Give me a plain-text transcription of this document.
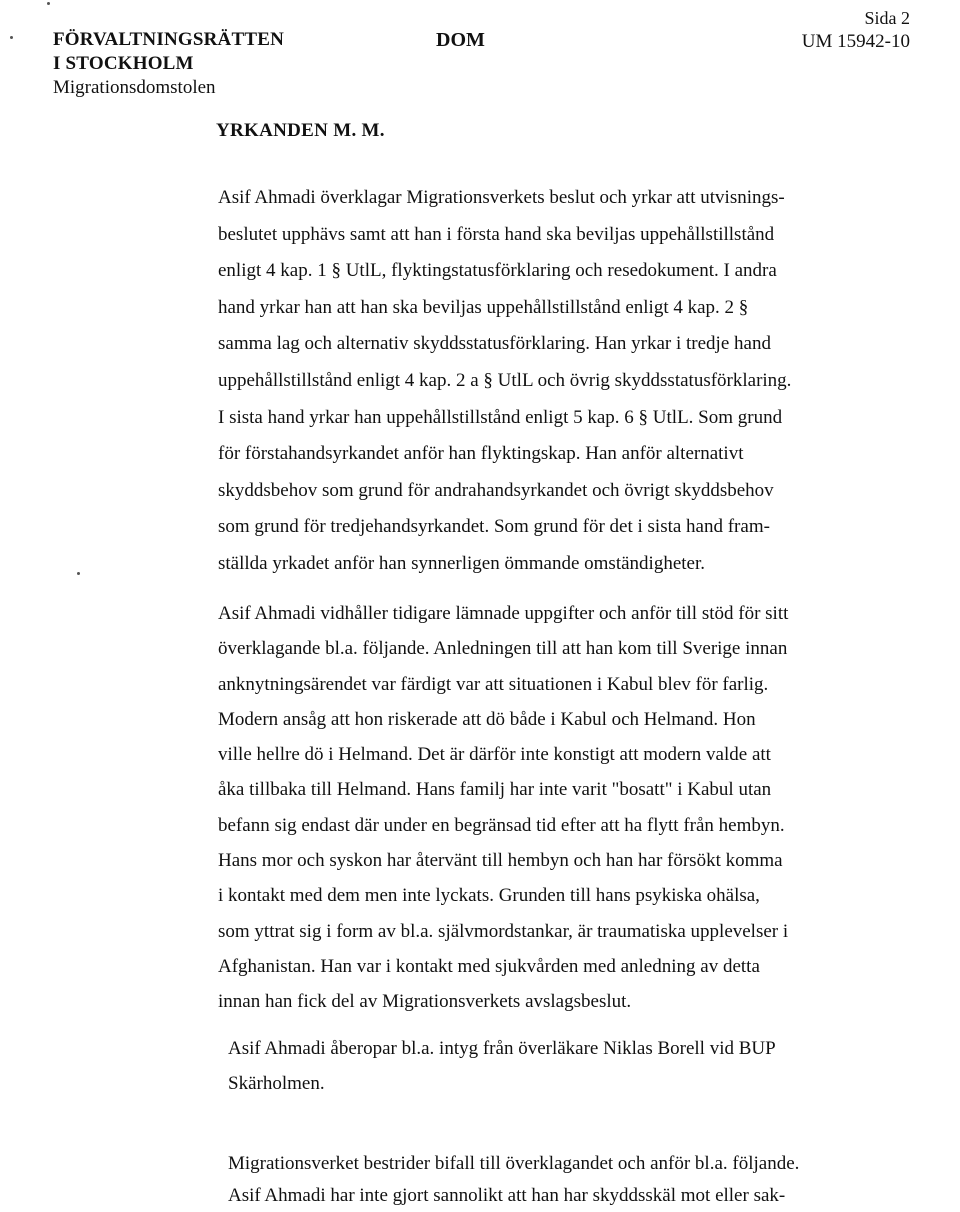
FÖRVALTNINGSRÄTTEN
I STOCKHOLM
Migrationsdomstolen
DOM
Sida 2
UM 15942-10
YRKANDEN M. M.

Asif Ahmadi överklagar Migrationsverkets beslut och yrkar att utvisnings-
beslutet upphävs samt att han i första hand ska beviljas uppehållstillstånd
enligt 4 kap. 1 § UtlL, flyktingstatusförklaring och resedokument. I andra
hand yrkar han att han ska beviljas uppehållstillstånd enligt 4 kap. 2 §
samma lag och alternativ skyddsstatusförklaring. Han yrkar i tredje hand
uppehållstillstånd enligt 4 kap. 2 a § UtlL och övrig skyddsstatusförklaring.
I sista hand yrkar han uppehållstillstånd enligt 5 kap. 6 § UtlL. Som grund
för förstahandsyrkandet anför han flyktingskap. Han anför alternativt
skyddsbehov som grund för andrahandsyrkandet och övrigt skyddsbehov
som grund för tredjehandsyrkandet. Som grund för det i sista hand fram-
ställda yrkadet anför han synnerligen ömmande omständigheter.

Asif Ahmadi vidhåller tidigare lämnade uppgifter och anför till stöd för sitt
överklagande bl.a. följande. Anledningen till att han kom till Sverige innan
anknytningsärendet var färdigt var att situationen i Kabul blev för farlig.
Modern ansåg att hon riskerade att dö både i Kabul och Helmand. Hon
ville hellre dö i Helmand. Det är därför inte konstigt att modern valde att
åka tillbaka till Helmand. Hans familj har inte varit "bosatt" i Kabul utan
befann sig endast där under en begränsad tid efter att ha flytt från hembyn.
Hans mor och syskon har återvänt till hembyn och han har försökt komma
i kontakt med dem men inte lyckats. Grunden till hans psykiska ohälsa,
som yttrat sig i form av bl.a. självmordstankar, är traumatiska upplevelser i
Afghanistan. Han var i kontakt med sjukvården med anledning av detta
innan han fick del av Migrationsverkets avslagsbeslut.

Asif Ahmadi åberopar bl.a. intyg från överläkare Niklas Borell vid BUP
Skärholmen.

Migrationsverket bestrider bifall till överklagandet och anför bl.a. följande.
Asif Ahmadi har inte gjort sannolikt att han har skyddsskäl mot eller sak-
